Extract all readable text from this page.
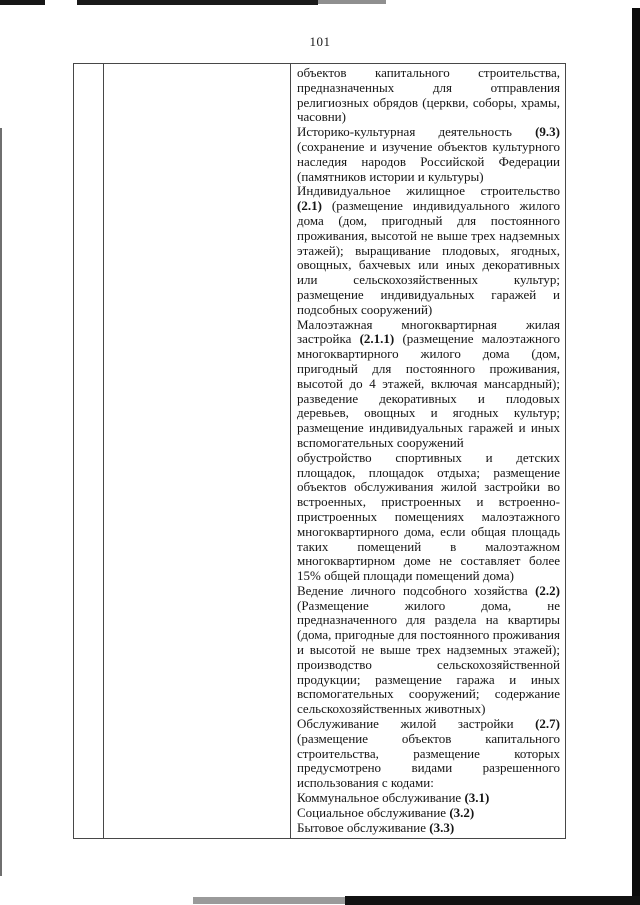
101

объектов капитального строительства, предназначенных для отправления религиозных обрядов (церкви, соборы, храмы, часовни)

Историко-культурная деятельность (9.3) (сохранение и изучение объектов культурного наследия народов Российской Федерации (памятников истории и культуры)

Индивидуальное жилищное строительство (2.1) (размещение индивидуального жилого дома (дом, пригодный для постоянного проживания, высотой не выше трех надземных этажей); выращивание плодовых, ягодных, овощных, бахчевых или иных декоративных или сельскохозяйственных культур; размещение индивидуальных гаражей и подсобных сооружений)

Малоэтажная многоквартирная жилая застройка (2.1.1) (размещение малоэтажного многоквартирного жилого дома (дом, пригодный для постоянного проживания, высотой до 4 этажей, включая мансардный); разведение декоративных и плодовых деревьев, овощных и ягодных культур; размещение индивидуальных гаражей и иных вспомогательных сооружений

обустройство спортивных и детских площадок, площадок отдыха; размещение объектов обслуживания жилой застройки во встроенных, пристроенных и встроенно-пристроенных помещениях малоэтажного многоквартирного дома, если общая площадь таких помещений в малоэтажном многоквартирном доме не составляет более 15% общей площади помещений дома)

Ведение личного подсобного хозяйства (2.2) (Размещение жилого дома, не предназначенного для раздела на квартиры (дома, пригодные для постоянного проживания и высотой не выше трех надземных этажей); производство сельскохозяйственной продукции; размещение гаража и иных вспомогательных сооружений; содержание сельскохозяйственных животных)

Обслуживание жилой застройки (2.7) (размещение объектов капитального строительства, размещение которых предусмотрено видами разрешенного использования с кодами:

Коммунальное обслуживание (3.1)

Социальное обслуживание (3.2)

Бытовое обслуживание (3.3)
